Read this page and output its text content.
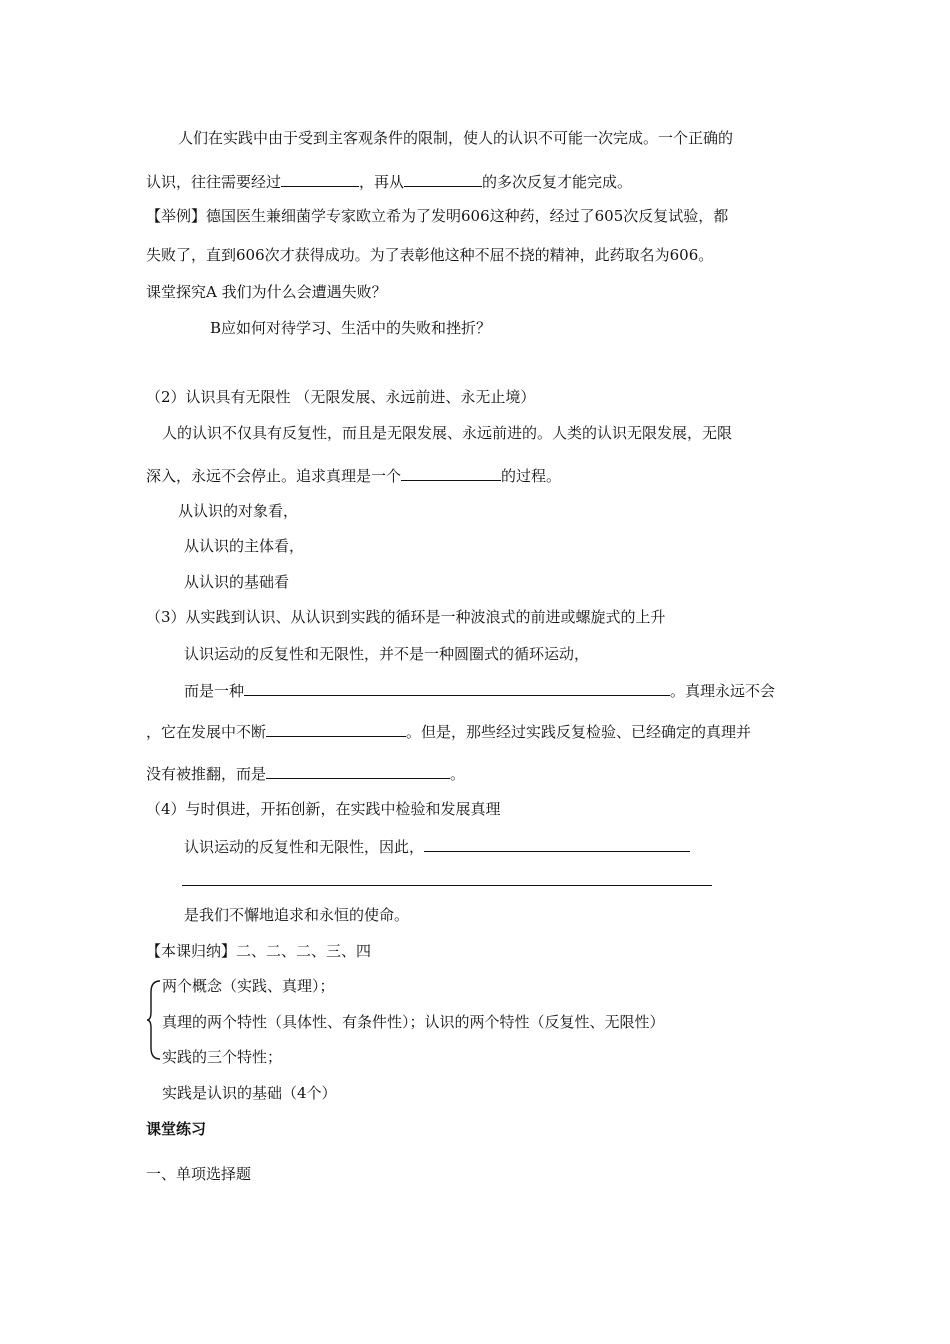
人们在实践中由于受到主客观条件的限制，使人的认识不可能一次完成。一个正确的
认识，往往需要经过	，再从	的多次反复才能完成。
【举例】德国医生兼细菌学专家欧立希为了发明606这种药，经过了605次反复试验，都
失败了，直到606次才获得成功。为了表彰他这种不屈不挠的精神，此药取名为606。
课堂探究A 我们为什么会遭遇失败？
B应如何对待学习、生活中的失败和挫折？
（2）认识具有无限性 （无限发展、永远前进、永无止境）
人的认识不仅具有反复性，而且是无限发展、永远前进的。人类的认识无限发展，无限
深入，永远不会停止。追求真理是一个	的过程。
从认识的对象看，
从认识的主体看，
从认识的基础看
（3）从实践到认识、从认识到实践的循环是一种波浪式的前进或螺旋式的上升
认识运动的反复性和无限性，并不是一种圆圈式的循环运动，
而是一种	。真理永远不会
，它在发展中不断	。但是，那些经过实践反复检验、已经确定的真理并
没有被推翻，而是	。
（4）与时俱进，开拓创新，在实践中检验和发展真理
认识运动的反复性和无限性，因此，
是我们不懈地追求和永恒的使命。
【本课归纳】二、二、二、三、四
两个概念（实践、真理）；
真理的两个特性（具体性、有条件性）；认识的两个特性（反复性、无限性）
实践的三个特性；
实践是认识的基础（4个）
课堂练习
一、单项选择题
